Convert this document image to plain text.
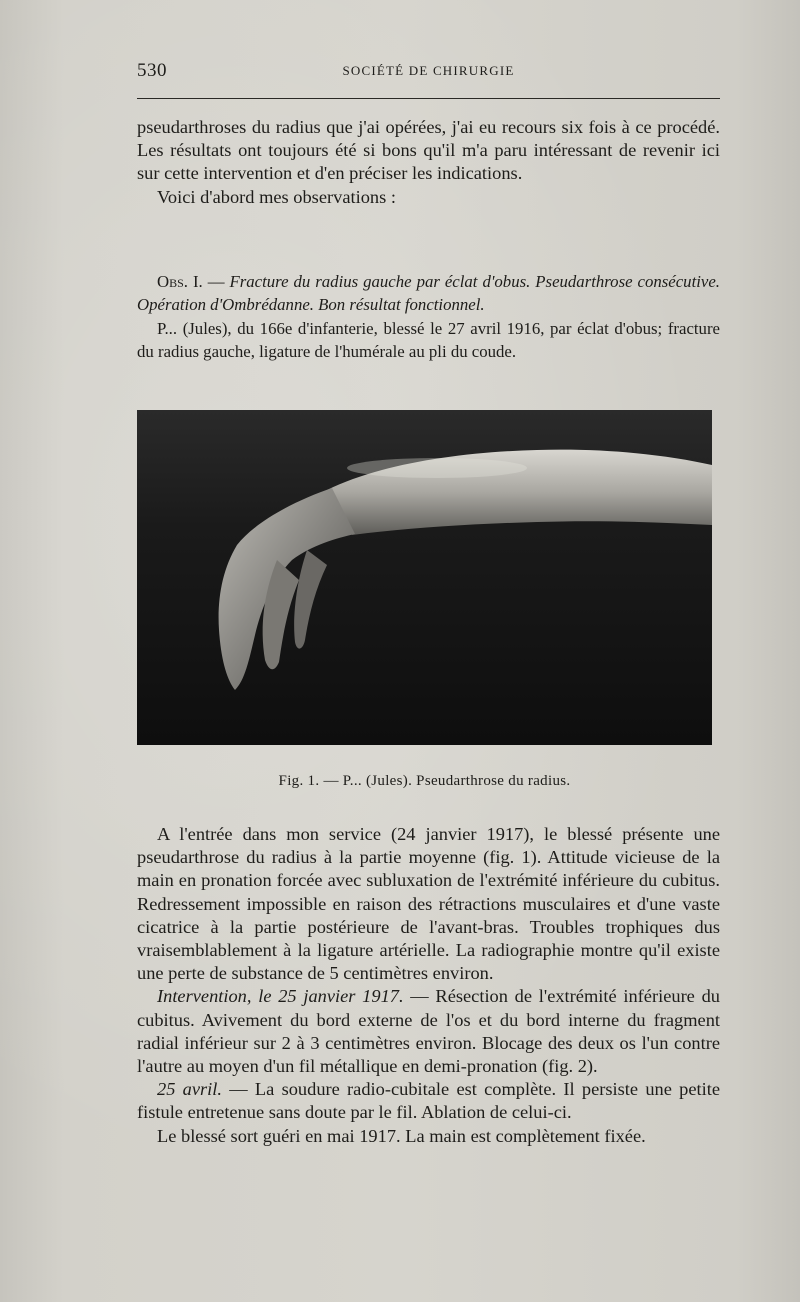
530	SOCIÉTÉ DE CHIRURGIE

pseudarthroses du radius que j'ai opérées, j'ai eu recours six fois à ce procédé. Les résultats ont toujours été si bons qu'il m'a paru intéressant de revenir ici sur cette intervention et d'en préciser les indications.

Voici d'abord mes observations :

Obs. I. — Fracture du radius gauche par éclat d'obus. Pseudarthrose consécutive. Opération d'Ombrédanne. Bon résultat fonctionnel.

P... (Jules), du 166e d'infanterie, blessé le 27 avril 1916, par éclat d'obus; fracture du radius gauche, ligature de l'humérale au pli du coude.

Fig. 1. — P... (Jules). Pseudarthrose du radius.

A l'entrée dans mon service (24 janvier 1917), le blessé présente une pseudarthrose du radius à la partie moyenne (fig. 1). Attitude vicieuse de la main en pronation forcée avec subluxation de l'extrémité inférieure du cubitus. Redressement impossible en raison des rétractions musculaires et d'une vaste cicatrice à la partie postérieure de l'avant-bras. Troubles trophiques dus vraisemblablement à la ligature artérielle. La radiographie montre qu'il existe une perte de substance de 5 centimètres environ.

Intervention, le 25 janvier 1917. — Résection de l'extrémité inférieure du cubitus. Avivement du bord externe de l'os et du bord interne du fragment radial inférieur sur 2 à 3 centimètres environ. Blocage des deux os l'un contre l'autre au moyen d'un fil métallique en demi-pronation (fig. 2).

25 avril. — La soudure radio-cubitale est complète. Il persiste une petite fistule entretenue sans doute par le fil. Ablation de celui-ci.

Le blessé sort guéri en mai 1917. La main est complètement fixée.
